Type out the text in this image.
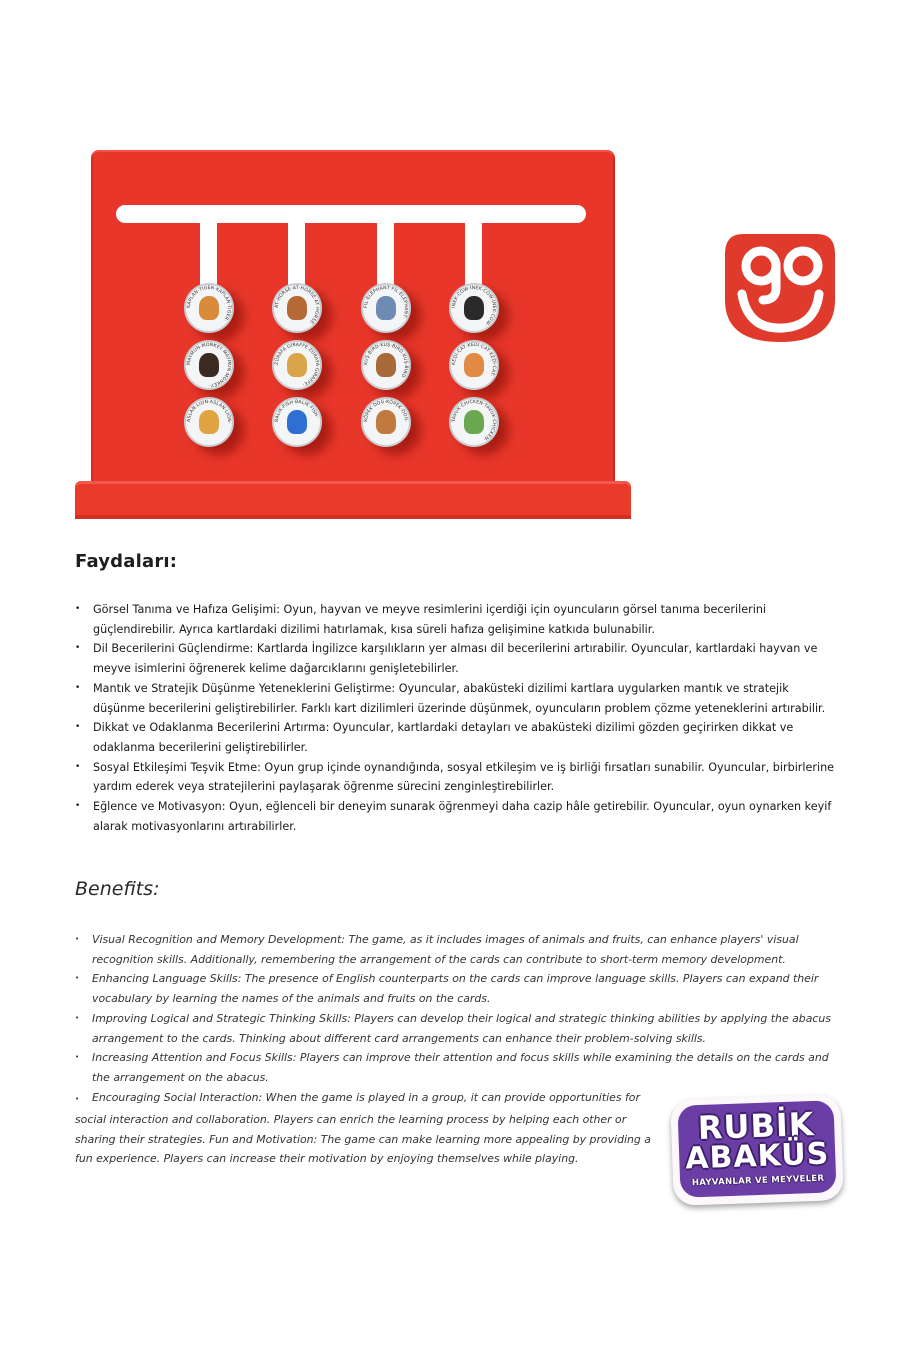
KAPLAN·TIGER·KAPLAN·TIGER·
MAYMUN·MONKEY·MAYMUN·MONKEY·
ASLAN·LION·ASLAN·LION·
AT·HORSE·AT·HORSE·AT·HORSE·
ZÜRAFA·GIRAFFE·ZÜRAFA·GIRAFFE·
BALIK·FISH·BALIK·FISH·
FİL·ELEPHANT·FİL·ELEPHANT·
KUŞ·BIRD·KUŞ·BIRD·KUŞ·BIRD·
KÖPEK·DOG·KÖPEK·DOG·
İNEK·COW·İNEK·COW·İNEK·COW·
KEDİ·CAT·KEDİ·CAT·KEDİ·CAT·
TAVUK·CHICKEN·TAVUK·CHICKEN·
Faydaları:
• Görsel Tanıma ve Hafıza Gelişimi: Oyun, hayvan ve meyve resimlerini içerdiği için oyuncuların görsel tanıma becerilerini güçlendirebilir. Ayrıca kartlardaki dizilimi hatırlamak, kısa süreli hafıza gelişimine katkıda bulunabilir.
• Dil Becerilerini Güçlendirme: Kartlarda İngilizce karşılıkların yer alması dil becerilerini artırabilir. Oyuncular, kartlardaki hayvan ve meyve isimlerini öğrenerek kelime dağarcıklarını genişletebilirler.
• Mantık ve Stratejik Düşünme Yeteneklerini Geliştirme: Oyuncular, abaküsteki dizilimi kartlara uygularken mantık ve stratejik düşünme becerilerini geliştirebilirler. Farklı kart dizilimleri üzerinde düşünmek, oyuncuların problem çözme yeteneklerini artırabilir.
• Dikkat ve Odaklanma Becerilerini Artırma: Oyuncular, kartlardaki detayları ve abaküsteki dizilimi gözden geçirirken dikkat ve odaklanma becerilerini geliştirebilirler.
• Sosyal Etkileşimi Teşvik Etme: Oyun grup içinde oynandığında, sosyal etkileşim ve iş birliği fırsatları sunabilir. Oyuncular, birbirlerine yardım ederek veya stratejilerini paylaşarak öğrenme sürecini zenginleştirebilirler.
• Eğlence ve Motivasyon: Oyun, eğlenceli bir deneyim sunarak öğrenmeyi daha cazip hâle getirebilir. Oyuncular, oyun oynarken keyif alarak motivasyonlarını artırabilirler.
Benefits:
• Visual Recognition and Memory Development: The game, as it includes images of animals and fruits, can enhance players' visual recognition skills. Additionally, remembering the arrangement of the cards can contribute to short-term memory development.
• Enhancing Language Skills: The presence of English counterparts on the cards can improve language skills. Players can expand their vocabulary by learning the names of the animals and fruits on the cards.
• Improving Logical and Strategic Thinking Skills: Players can develop their logical and strategic thinking abilities by applying the abacus arrangement to the cards. Thinking about different card arrangements can enhance their problem-solving skills.
• Increasing Attention and Focus Skills: Players can improve their attention and focus skills while examining the details on the cards and the arrangement on the abacus.

• Encouraging Social Interaction: When the game is played in a group, it can provide opportunities for social interaction and collaboration. Players can enrich the learning process by helping each other or sharing their strategies. Fun and Motivation: The game can make learning more appealing by providing a fun experience. Players can increase their motivation by enjoying themselves while playing.

RUBİK
ABAKÜS
HAYVANLAR VE MEYVELER
